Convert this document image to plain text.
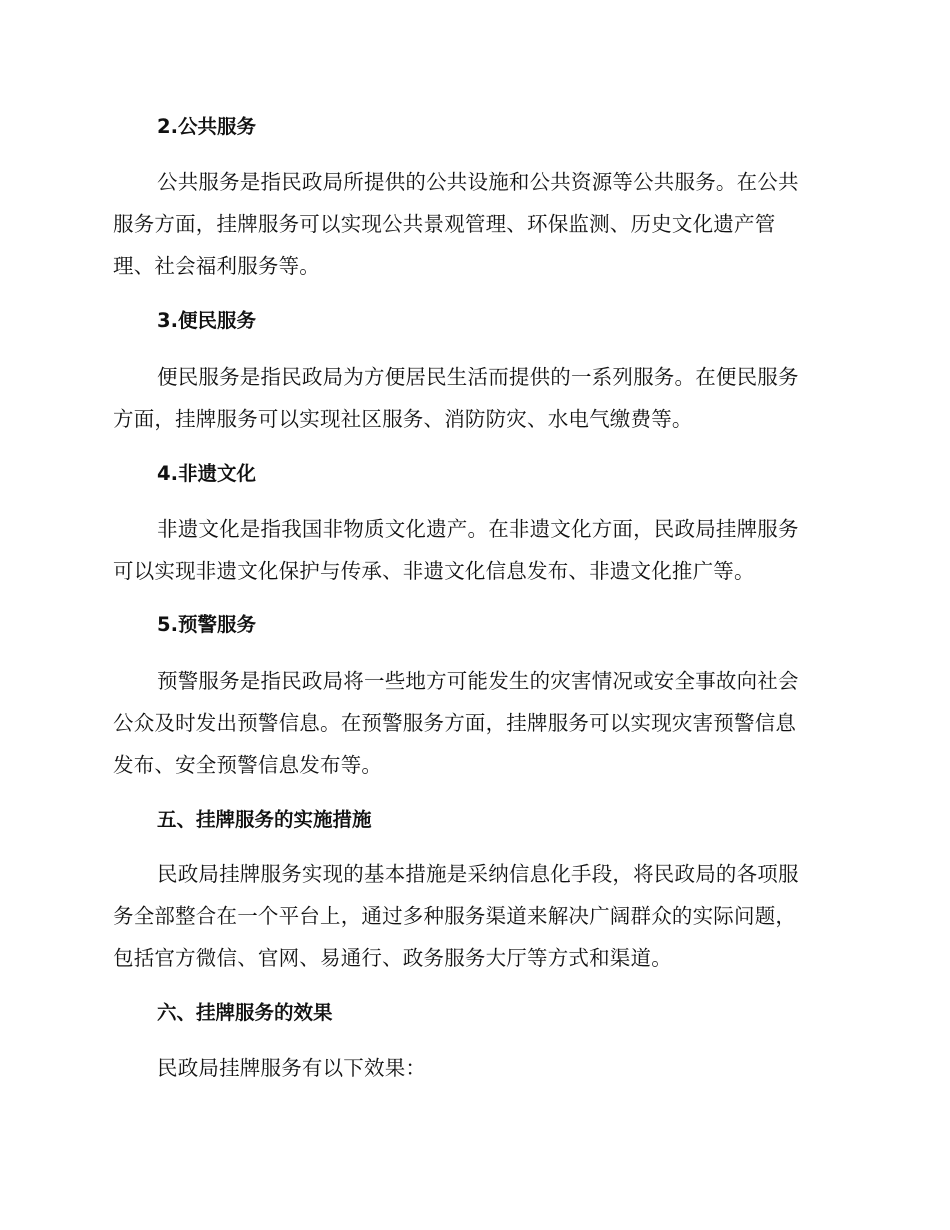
2.公共服务
公共服务是指民政局所提供的公共设施和公共资源等公共服务。在公共
服务方面，挂牌服务可以实现公共景观管理、环保监测、历史文化遗产管
理、社会福利服务等。
3.便民服务
便民服务是指民政局为方便居民生活而提供的一系列服务。在便民服务
方面，挂牌服务可以实现社区服务、消防防灾、水电气缴费等。
4.非遗文化
非遗文化是指我国非物质文化遗产。在非遗文化方面，民政局挂牌服务
可以实现非遗文化保护与传承、非遗文化信息发布、非遗文化推广等。
5.预警服务
预警服务是指民政局将一些地方可能发生的灾害情况或安全事故向社会
公众及时发出预警信息。在预警服务方面，挂牌服务可以实现灾害预警信息
发布、安全预警信息发布等。
五、挂牌服务的实施措施
民政局挂牌服务实现的基本措施是采纳信息化手段，将民政局的各项服
务全部整合在一个平台上，通过多种服务渠道来解决广阔群众的实际问题，
包括官方微信、官网、易通行、政务服务大厅等方式和渠道。
六、挂牌服务的效果
民政局挂牌服务有以下效果：
